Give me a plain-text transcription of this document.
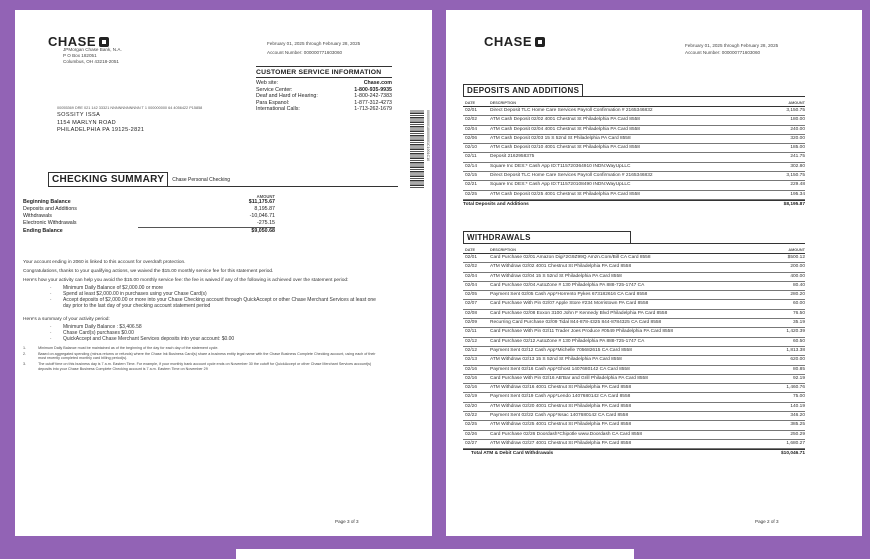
CHASE
JPMorgan Chase Bank, N.A.
P O Box 182051
Columbus, OH 43218-2051
February 01, 2025 through February 28, 2025
Account Number: 000000771603060
CUSTOMER SERVICE INFORMATION
Web site:	Chase.com
Service Center:	1-800-935-9935
Deaf and Hard of Hearing:	1-800-242-7383
Para Espanol:	1-877-312-4273
International Calls:	1-713-262-1679
00055369 DRE 021 142 33321 NNNNNNNNNNN T 1 000000000 64 4056422 P15858
SOSSITY ISSA
1154 MARLYN ROAD
PHILADELPHIA PA 19125-2821	00000000180000001C1001C10
CHECKING SUMMARY	Chase Personal Checking
AMOUNT
Beginning Balance	$11,175.67
Deposits and Additions	8,195.87
Withdrawals	-10,046.71
Electronic Withdrawals	-275.15
Ending Balance	$9,050.68
Your account ending in 2060 is linked to this account for overdraft protection.
Congratulations, thanks to your qualifying actions, we waived the $15.00 monthly service fee for this statement period.
Here's how your activity can help you avoid the $15.00 monthly service fee: the fee is waived if any of the following is achieved over the statement period:
· Minimum Daily Balance of $2,000.00 or more
· Spend at least $2,000.00 in purchases using your Chase Card(s)
· Accept deposits of $2,000.00 or more into your Chase Checking account through QuickAccept or other Chase Merchant Services at least one day prior to the last day of your checking account statement period
Here's a summary of your activity period:
· Minimum Daily Balance : $3,406.58
· Chase Card(s) purchases $0.00
· QuickAccept and Chase Merchant Services deposits into your account: $0.00
1.	Minimum Daily Balance must be maintained as of the beginning of the day for each day of the statement cycle.
2.	Based on aggregated spending (minus returns or refunds) where the Chase Ink Business Card(s) share a business entity legal name with the Chase Business Complete Checking account, using each of their most recently completed monthly card billing period(s).
3.	The cutoff time on this business day is 7 a.m. Eastern Time. For example, if your monthly bank account cycle ends on November 30 the cutoff for QuickAccept or other Chase Merchant Services account(s) deposits into your Chase Business Complete Checking account is 7 a.m. Eastern Time on November 29
Page 3 of 3
CHASE	February 01, 2025 through February 28, 2025
Account Number: 000000771603060
DEPOSITS AND ADDITIONS
DATE	DESCRIPTION	AMOUNT
02/01	Direct Deposit TLC Home Care Services Payroll Confirmation # 2165346832	3,150.75
02/02	ATM Cash Deposit 02/02 4001 Chestnut St Philadelphia PA Card 8558	180.00
02/04	ATM Cash Deposit 02/04 4001 Chestnut St Philadelphia PA Card 8558	240.00
02/06	ATM Cash Deposit 02/03 15 S 52nd St Philadelphia PA Card 8558	320.00
02/10	ATM Cash Deposit 02/10 4001 Chestnut St Philadelphia PA Card 8558	185.00
02/11	Deposit 2162958375	241.75
02/14	Square Inc DES:* Cash App ID:T115720364910 INDN:WayUpLLC	302.80
02/15	Direct Deposit TLC Home Care Services Payroll Confirmation # 2165346832	3,150.75
02/21	Square Inc DES:* Cash App ID:T115720108490 INDN:WayUpLLC	229.48
02/25	ATM Cash Deposit 02/25 4001 Chestnut St Philadelphia PA Card 8558	195.34
Total Deposits and Additions	$8,195.87
WITHDRAWALS
DATE	DESCRIPTION	AMOUNT
02/01	Card Purchase 02/01 Amazon Digi*2G9Z99Q Amzn.Com/Bill CA Card 8558	$500.12
02/02	ATM Withdraw 02/02 4001 Chestnut St Philadelphia PA Card 8558	200.00
02/04	ATM Withdraw 02/04 15 S 52nd St Philadelphia PA Card 8558	400.00
02/04	Card Purchase 02/04 AutoZone # 130 Philadelphia PA 888-725-1747 CA	80.40
02/05	Payment Sent 02/05 Cash App*Horrento Pykes 673182616 CA Card 8558	280.20
02/07	Card Purchase With Pin 02/07 Apple Store #234 Morristown PA Card 8558	60.00
02/08	Card Purchase 02/08 Exxon 3100 John F Kennedy Blvd Philadelphia PA Card 8558	76.50
02/09	Recurring Card Purchase 02/09 Tidal 844-878-4325 844-8784325 CA Card 8558	35.19
02/11	Card Purchase With Pin 02/11 Trader Joes Produce #0549 Philadelphia PA Card 8558	1,420.39
02/12	Card Purchase 02/12 AutoZone # 130 Philadelphia PA 888-725-1747 CA	60.50
02/12	Payment Sent 02/12 Cash App*Michelle 705682615 CA Card 8558	1,813.38
02/13	ATM Withdraw 02/13 15 S 52nd St Philadelphia PA Card 8558	620.00
02/16	Payment Sent 02/16 Cash App*Ghost 1407680142 CA Card 8558	80.85
02/16	Card Purchase With Pin 02/16 AB'Bar and Grill Philadelphia PA Card 8558	92.19
02/16	ATM Withdraw 02/16 4001 Chestnut St Philadelphia PA Card 8558	1,460.76
02/19	Payment Sent 02/19 Cash App*Lendo 1407680142 CA Card 8558	75.00
02/20	ATM Withdraw 02/20 4001 Chestnut St Philadelphia PA Card 8558	140.19
02/22	Payment Sent 02/22 Cash App*Issac 1407680142 CA Card 8558	346.20
02/25	ATM Withdraw 02/25 4001 Chestnut St Philadelphia PA Card 8558	385.25
02/26	Card Purchase 02/26 Doordash*Chipotle www.Doordash CA Card 8558	250.29
02/27	ATM Withdraw 02/27 4001 Chestnut St Philadelphia PA Card 8558	1,680.27
Total ATM & Debit Card Withdrawals	$10,046.71
Page 2 of 3
